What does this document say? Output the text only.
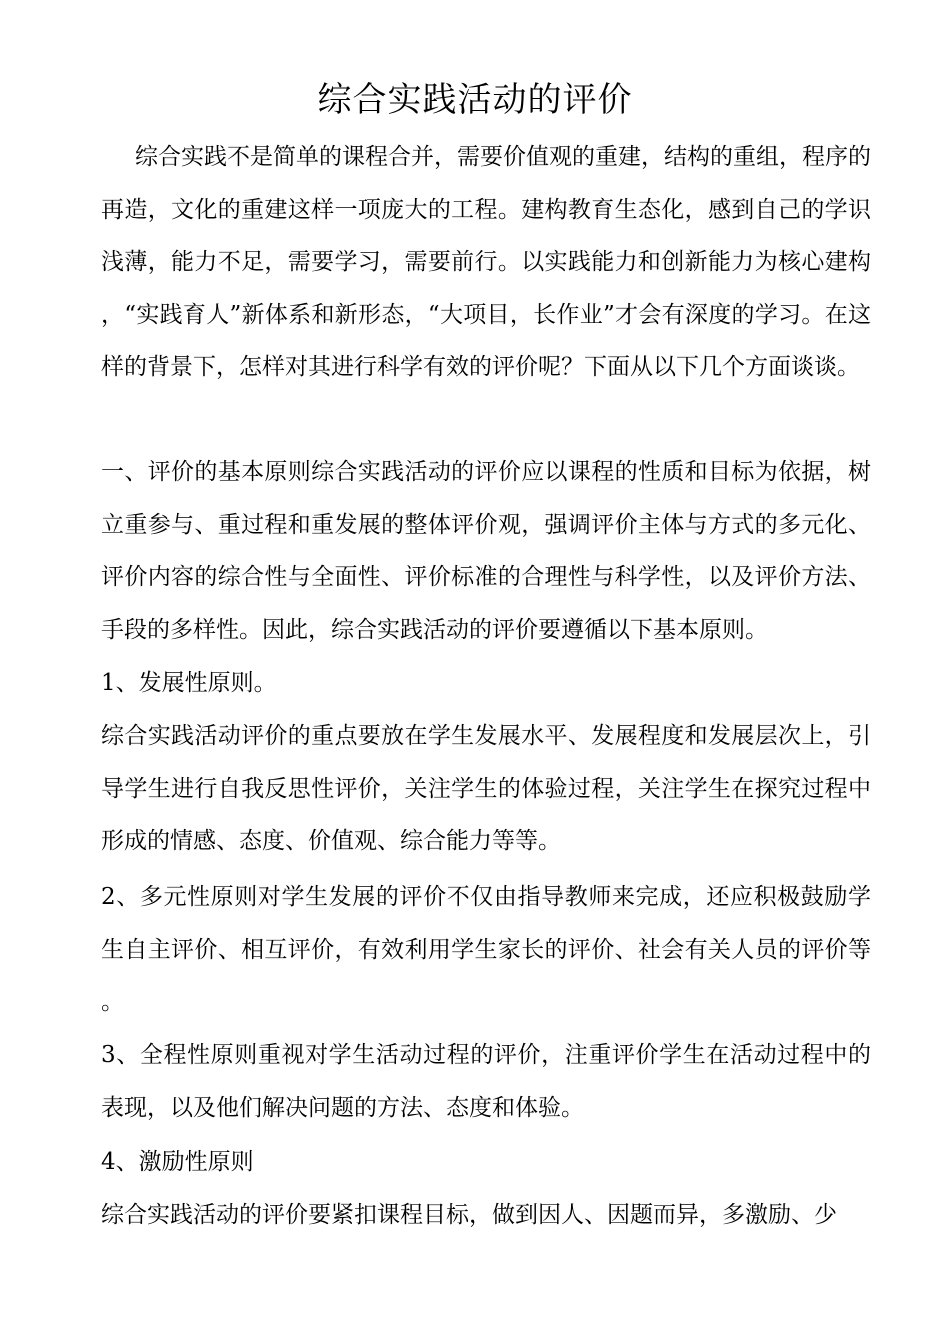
综合实践活动的评价
综合实践不是简单的课程合并，需要价值观的重建，结构的重组，程序的再造，文化的重建这样一项庞大的工程。建构教育生态化，感到自己的学识浅薄，能力不足，需要学习，需要前行。以实践能力和创新能力为核心建构，“实践育人”新体系和新形态，“大项目，长作业”才会有深度的学习。在这样的背景下，怎样对其进行科学有效的评价呢？下面从以下几个方面谈谈。
一、评价的基本原则综合实践活动的评价应以课程的性质和目标为依据，树立重参与、重过程和重发展的整体评价观，强调评价主体与方式的多元化、评价内容的综合性与全面性、评价标准的合理性与科学性，以及评价方法、手段的多样性。因此，综合实践活动的评价要遵循以下基本原则。
1、发展性原则。
综合实践活动评价的重点要放在学生发展水平、发展程度和发展层次上，引导学生进行自我反思性评价，关注学生的体验过程，关注学生在探究过程中形成的情感、态度、价值观、综合能力等等。
2、多元性原则对学生发展的评价不仅由指导教师来完成，还应积极鼓励学生自主评价、相互评价，有效利用学生家长的评价、社会有关人员的评价等。
3、全程性原则重视对学生活动过程的评价，注重评价学生在活动过程中的表现，以及他们解决问题的方法、态度和体验。
4、激励性原则
综合实践活动的评价要紧扣课程目标，做到因人、因题而异，多激励、少
